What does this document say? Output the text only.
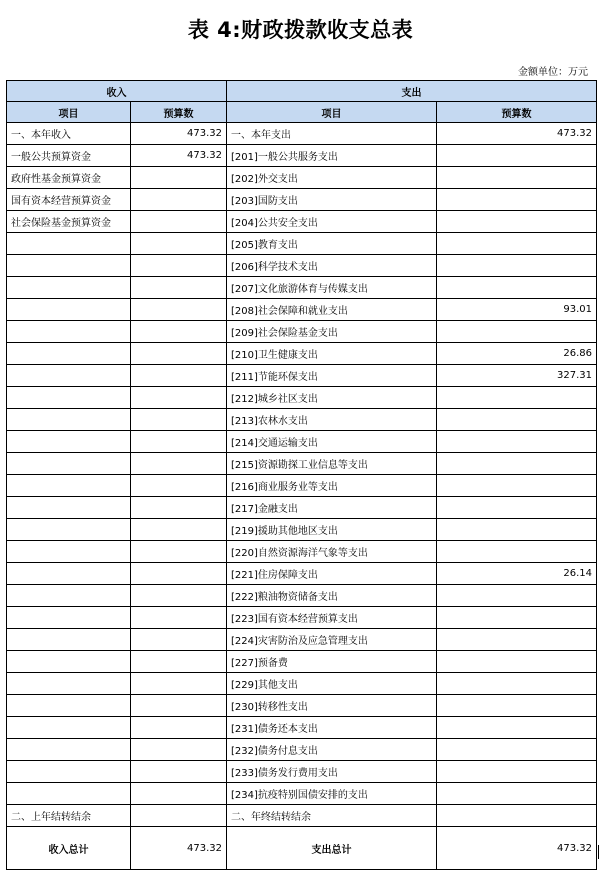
表 4:财政拨款收支总表
金额单位：万元
收入		支出	
项目	预算数	项目	预算数
一、本年收入	473.32	一、本年支出	473.32
一般公共预算资金	473.32	[201]一般公共服务支出	
政府性基金预算资金		[202]外交支出	
国有资本经营预算资金		[203]国防支出	
社会保险基金预算资金		[204]公共安全支出	
		[205]教育支出	
		[206]科学技术支出	
		[207]文化旅游体育与传媒支出	
		[208]社会保障和就业支出	93.01
		[209]社会保险基金支出	
		[210]卫生健康支出	26.86
		[211]节能环保支出	327.31
		[212]城乡社区支出	
		[213]农林水支出	
		[214]交通运输支出	
		[215]资源勘探工业信息等支出	
		[216]商业服务业等支出	
		[217]金融支出	
		[219]援助其他地区支出	
		[220]自然资源海洋气象等支出	
		[221]住房保障支出	26.14
		[222]粮油物资储备支出	
		[223]国有资本经营预算支出	
		[224]灾害防治及应急管理支出	
		[227]预备费	
		[229]其他支出	
		[230]转移性支出	
		[231]债务还本支出	
		[232]债务付息支出	
		[233]债务发行费用支出	
		[234]抗疫特别国债安排的支出	
二、上年结转结余		二、年终结转结余	
收入总计	473.32	支出总计	473.32
